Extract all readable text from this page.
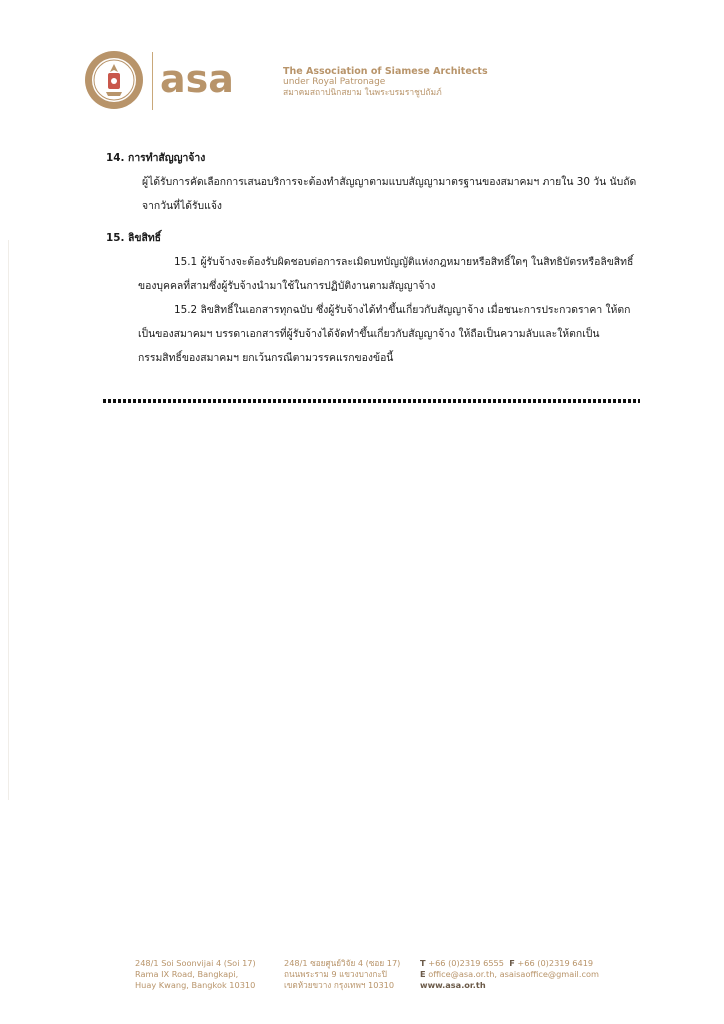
asa	The Association of Siamese Architects
under Royal Patronage
สมาคมสถาปนิกสยาม ในพระบรมราชูปถัมภ์

14. การทำสัญญาจ้าง

ผู้ได้รับการคัดเลือกการเสนอบริการจะต้องทำสัญญาตามแบบสัญญามาตรฐานของสมาคมฯ ภายใน 30 วัน นับถัดจากวันที่ได้รับแจ้ง

15. ลิขสิทธิ์

15.1 ผู้รับจ้างจะต้องรับผิดชอบต่อการละเมิดบทบัญญัติแห่งกฎหมายหรือสิทธิ์ใดๆ ในสิทธิบัตรหรือลิขสิทธิ์ของบุคคลที่สามซึ่งผู้รับจ้างนำมาใช้ในการปฏิบัติงานตามสัญญาจ้าง

15.2 ลิขสิทธิ์ในเอกสารทุกฉบับ ซึ่งผู้รับจ้างได้ทำขึ้นเกี่ยวกับสัญญาจ้าง เมื่อชนะการประกวดราคา ให้ตกเป็นของสมาคมฯ บรรดาเอกสารที่ผู้รับจ้างได้จัดทำขึ้นเกี่ยวกับสัญญาจ้าง ให้ถือเป็นความลับและให้ตกเป็นกรรมสิทธิ์ของสมาคมฯ ยกเว้นกรณีตามวรรคแรกของข้อนี้

248/1 Soi Soonvijai 4 (Soi 17)
Rama IX Road, Bangkapi,
Huay Kwang, Bangkok 10310
248/1 ซอยศูนย์วิจัย 4 (ซอย 17)
ถนนพระราม 9 แขวงบางกะปิ
เขตห้วยขวาง กรุงเทพฯ 10310
T +66 (0)2319 6555 F +66 (0)2319 6419
E office@asa.or.th, asaisaoffice@gmail.com
www.asa.or.th
